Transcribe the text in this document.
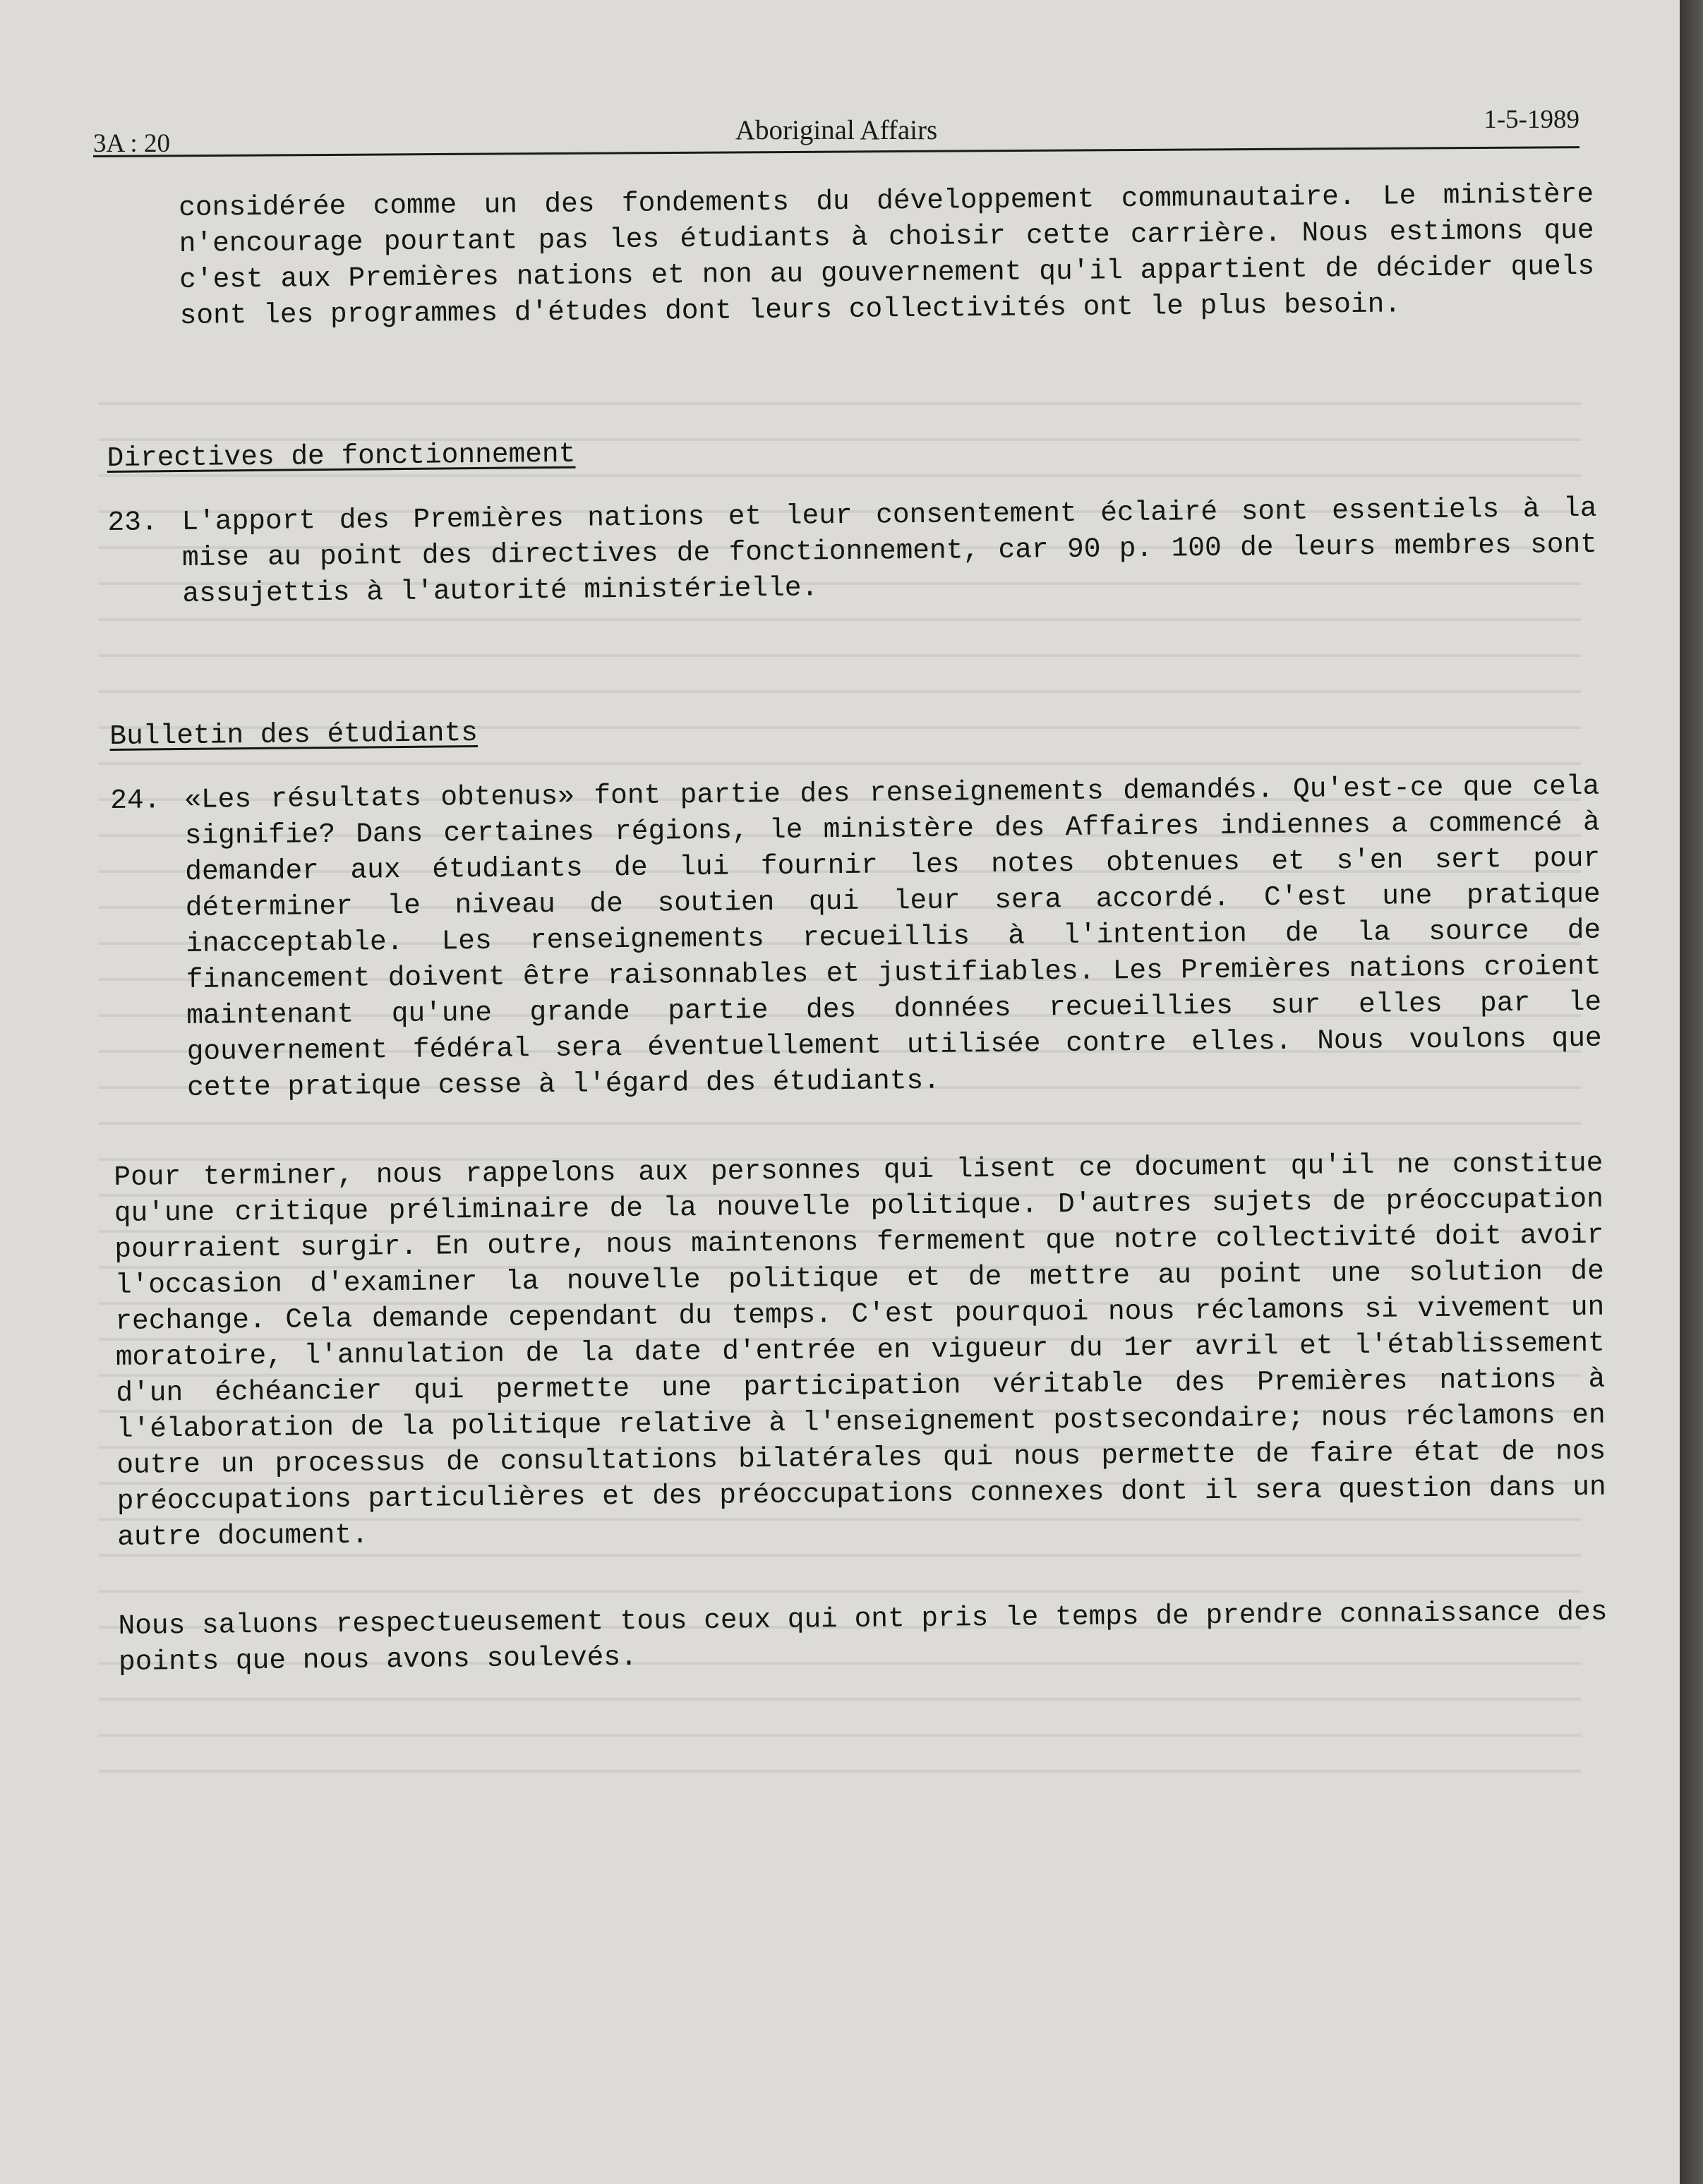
3A : 20	Aboriginal Affairs	1-5-1989

considérée comme un des fondements du développement communautaire. Le ministère n'encourage pourtant pas les étudiants à choisir cette carrière. Nous estimons que c'est aux Premières nations et non au gouvernement qu'il appartient de décider quels sont les programmes d'études dont leurs collectivités ont le plus besoin.

Directives de fonctionnement

23. L'apport des Premières nations et leur consentement éclairé sont essentiels à la mise au point des directives de fonctionnement, car 90 p. 100 de leurs membres sont assujettis à l'autorité ministérielle.

Bulletin des étudiants

24. «Les résultats obtenus» font partie des renseignements demandés. Qu'est-ce que cela signifie? Dans certaines régions, le ministère des Affaires indiennes a commencé à demander aux étudiants de lui fournir les notes obtenues et s'en sert pour déterminer le niveau de soutien qui leur sera accordé. C'est une pratique inacceptable. Les renseignements recueillis à l'intention de la source de financement doivent être raisonnables et justifiables. Les Premières nations croient maintenant qu'une grande partie des données recueillies sur elles par le gouvernement fédéral sera éventuellement utilisée contre elles. Nous voulons que cette pratique cesse à l'égard des étudiants.

Pour terminer, nous rappelons aux personnes qui lisent ce document qu'il ne constitue qu'une critique préliminaire de la nouvelle politique. D'autres sujets de préoccupation pourraient surgir. En outre, nous maintenons fermement que notre collectivité doit avoir l'occasion d'examiner la nouvelle politique et de mettre au point une solution de rechange. Cela demande cependant du temps. C'est pourquoi nous réclamons si vivement un moratoire, l'annulation de la date d'entrée en vigueur du 1er avril et l'établissement d'un échéancier qui permette une participation véritable des Premières nations à l'élaboration de la politique relative à l'enseignement postsecondaire; nous réclamons en outre un processus de consultations bilatérales qui nous permette de faire état de nos préoccupations particulières et des préoccupations connexes dont il sera question dans un autre document.

Nous saluons respectueusement tous ceux qui ont pris le temps de prendre connaissance des points que nous avons soulevés.
